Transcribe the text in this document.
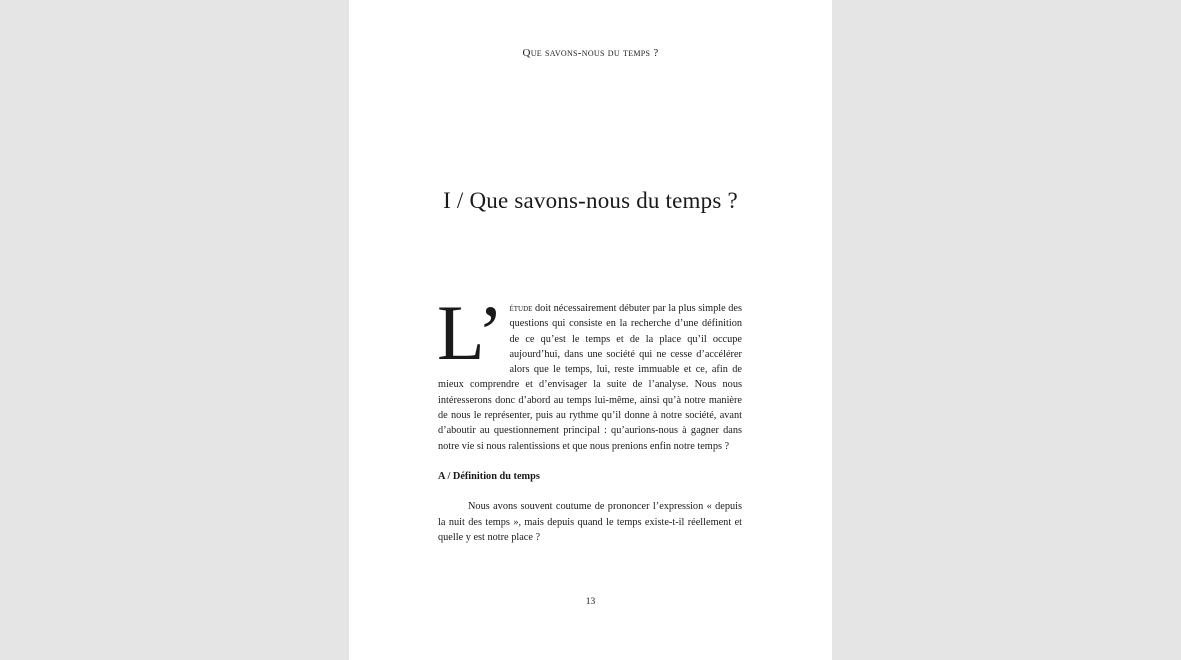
Que savons-nous du temps ?
I / Que savons-nous du temps ?

L’ étude doit nécessairement débuter par la plus simple des questions qui consiste en la recherche d’une définition de ce qu’est le temps et de la place qu’il occupe aujourd’hui, dans une société qui ne cesse d’accélérer alors que le temps, lui, reste immuable et ce, afin de mieux comprendre et d’envisager la suite de l’analyse. Nous nous intéresserons donc d’abord au temps lui-même, ainsi qu’à notre manière de nous le représenter, puis au rythme qu’il donne à notre société, avant d’aboutir au questionnement principal : qu’aurions-nous à gagner dans notre vie si nous ralentissions et que nous prenions enfin notre temps ?

A / Définition du temps

Nous avons souvent coutume de prononcer l’expression « depuis la nuit des temps », mais depuis quand le temps existe-t-il réellement et quelle y est notre place ?

13
